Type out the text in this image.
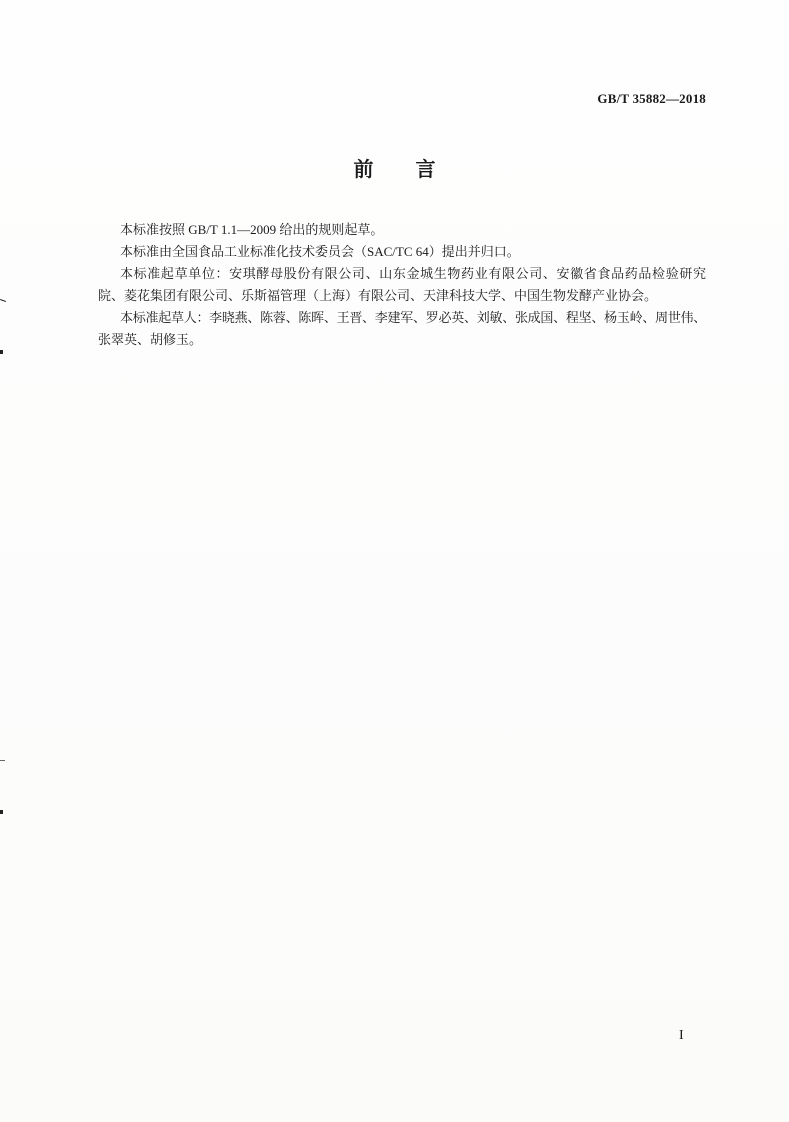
GB/T 35882—2018
前言
本标准按照 GB/T 1.1—2009 给出的规则起草。
本标准由全国食品工业标准化技术委员会（SAC/TC 64）提出并归口。
本标准起草单位：安琪酵母股份有限公司、山东金城生物药业有限公司、安徽省食品药品检验研究
院、菱花集团有限公司、乐斯福管理（上海）有限公司、天津科技大学、中国生物发酵产业协会。
本标准起草人：李晓燕、陈蓉、陈晖、王晋、李建军、罗必英、刘敏、张成国、程坚、杨玉岭、周世伟、
张翠英、胡修玉。
I
